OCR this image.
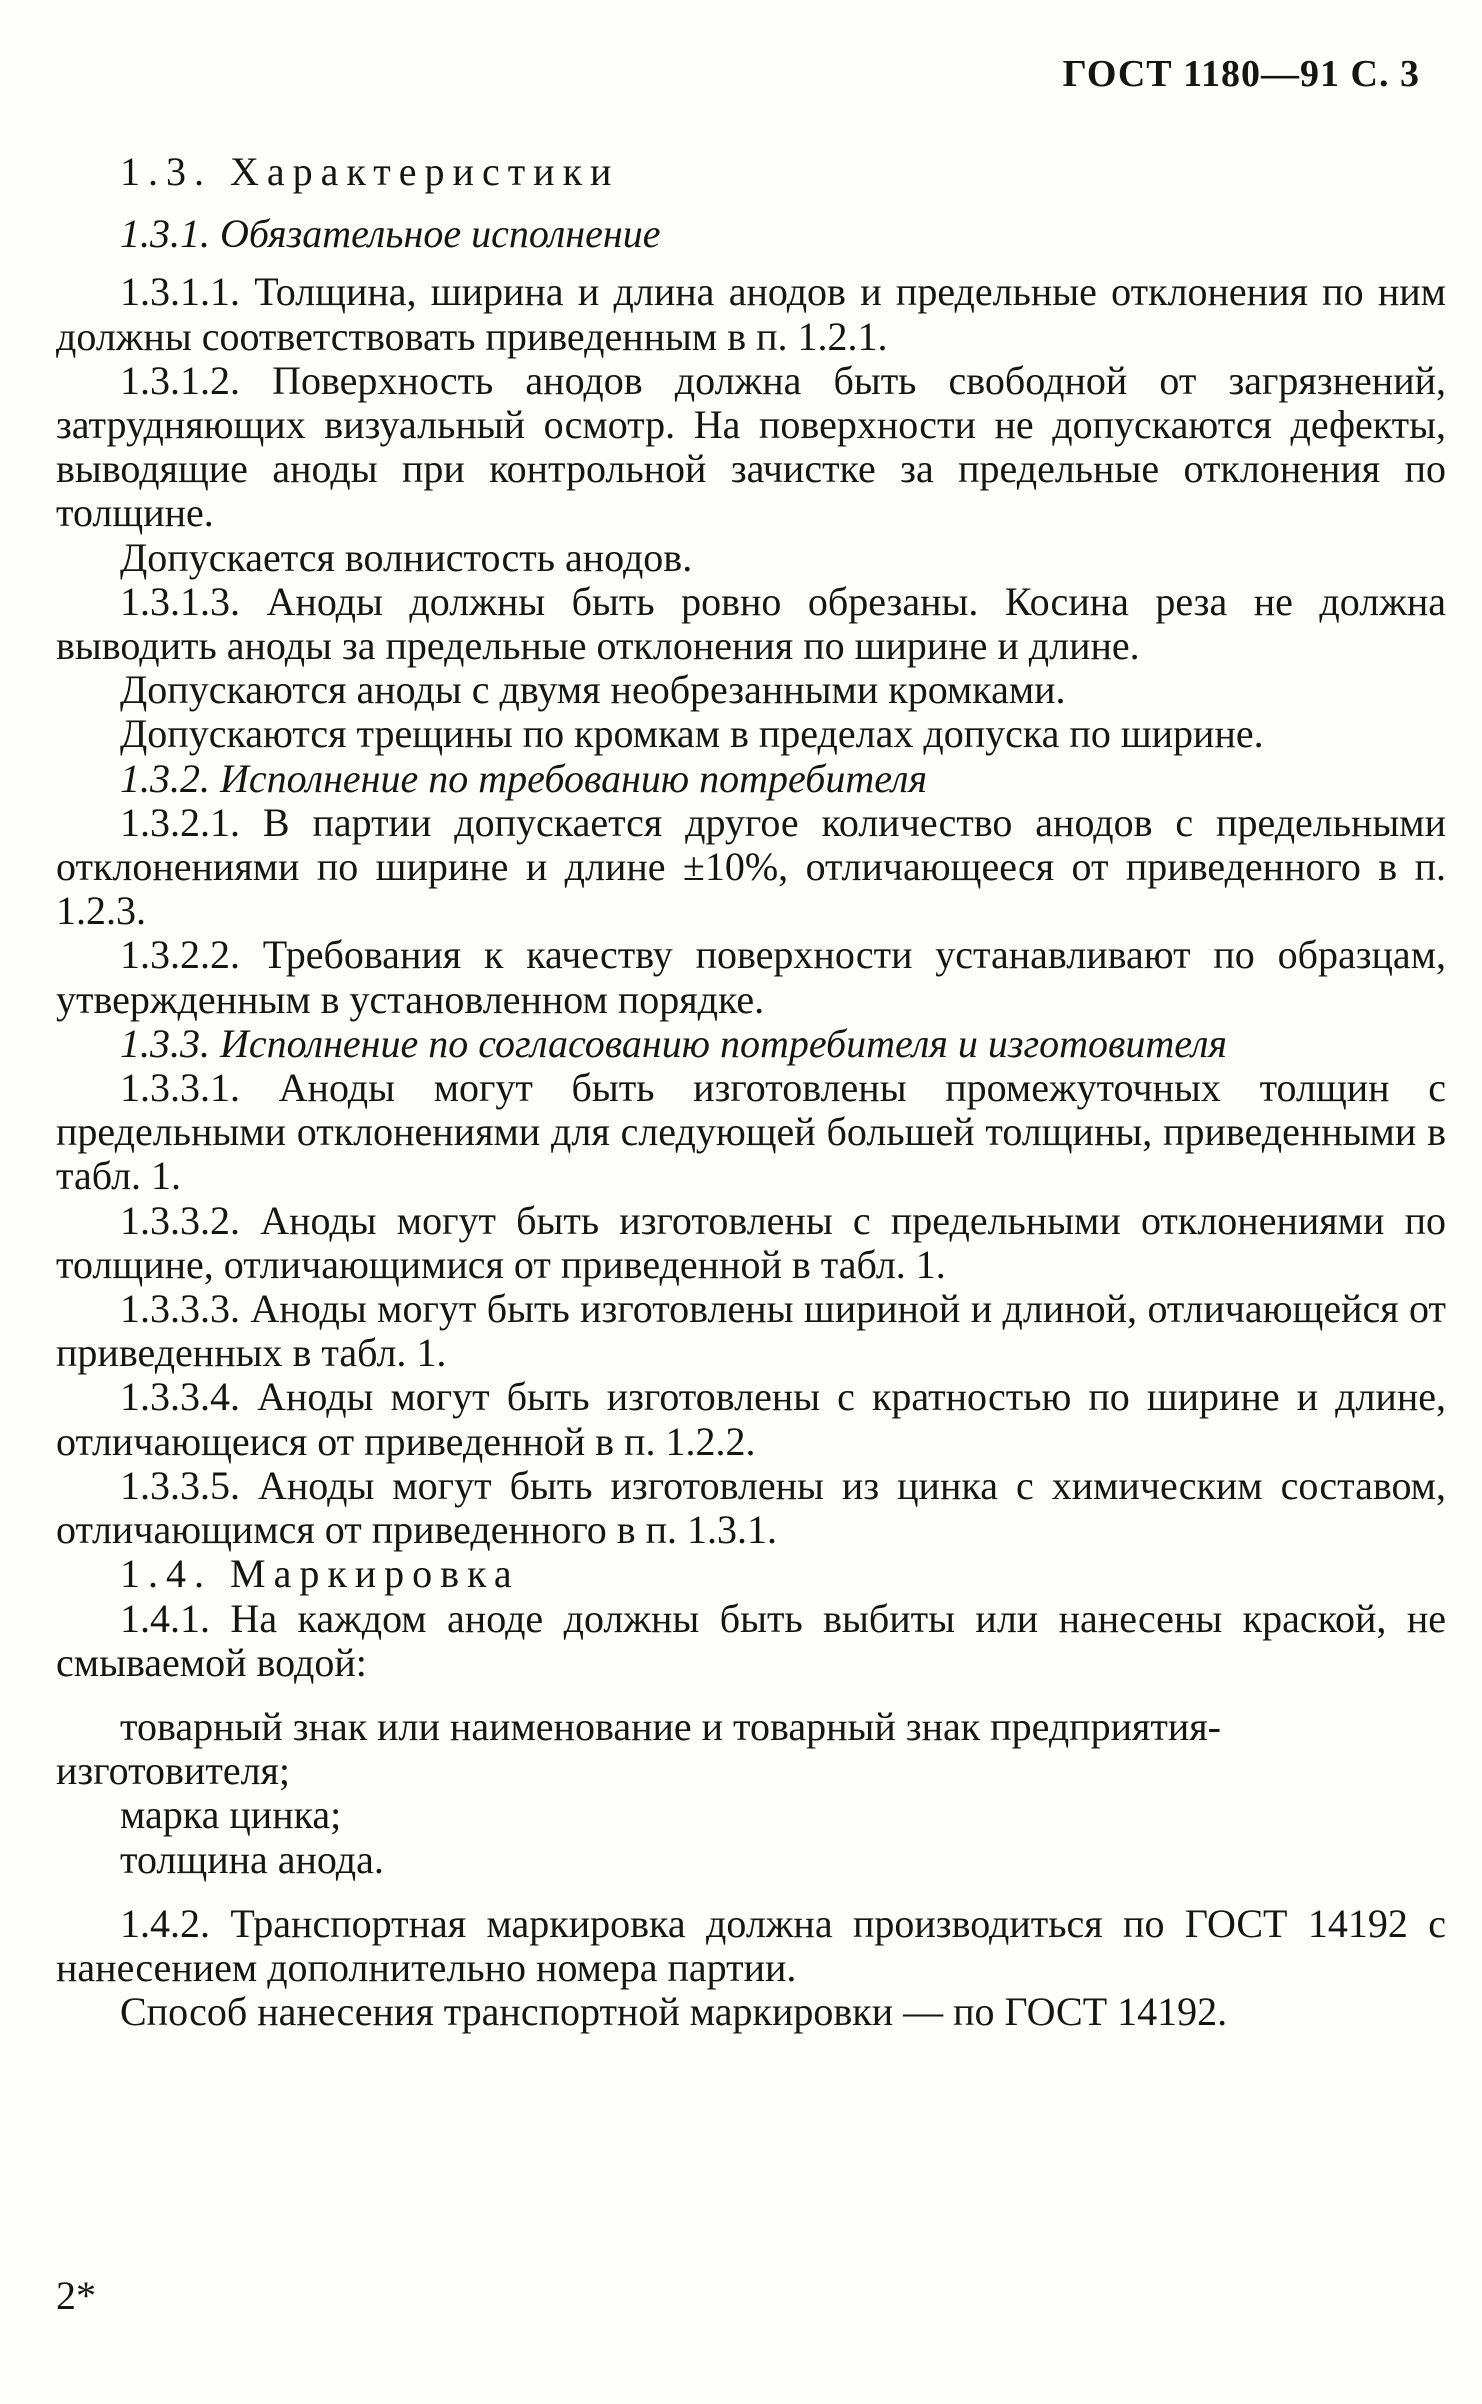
ГОСТ 1180—91 С. 3

1.3. Характеристики

1.3.1. Обязательное исполнение

1.3.1.1. Толщина, ширина и длина анодов и предельные отклонения по ним должны соответствовать приведенным в п. 1.2.1.

1.3.1.2. Поверхность анодов должна быть свободной от загрязнений, затрудняющих визуальный осмотр. На поверхности не допускаются дефекты, выводящие аноды при контрольной зачистке за предельные отклонения по толщине.

Допускается волнистость анодов.

1.3.1.3. Аноды должны быть ровно обрезаны. Косина реза не должна выводить аноды за предельные отклонения по ширине и длине.

Допускаются аноды с двумя необрезанными кромками.

Допускаются трещины по кромкам в пределах допуска по ширине.

1.3.2. Исполнение по требованию потребителя

1.3.2.1. В партии допускается другое количество анодов с предельными отклонениями по ширине и длине ±10%, отличающееся от приведенного в п. 1.2.3.

1.3.2.2. Требования к качеству поверхности устанавливают по образцам, утвержденным в установленном порядке.

1.3.3. Исполнение по согласованию потребителя и изготовителя

1.3.3.1. Аноды могут быть изготовлены промежуточных толщин с предельными отклонениями для следующей большей толщины, приведенными в табл. 1.

1.3.3.2. Аноды могут быть изготовлены с предельными отклонениями по толщине, отличающимися от приведенной в табл. 1.

1.3.3.3. Аноды могут быть изготовлены шириной и длиной, отличающейся от приведенных в табл. 1.

1.3.3.4. Аноды могут быть изготовлены с кратностью по ширине и длине, отличающеися от приведенной в п. 1.2.2.

1.3.3.5. Аноды могут быть изготовлены из цинка с химическим составом, отличающимся от приведенного в п. 1.3.1.

1.4. Маркировка

1.4.1. На каждом аноде должны быть выбиты или нанесены краской, не смываемой водой:

товарный знак или наименование и товарный знак предприятия-изготовителя;

марка цинка;

толщина анода.

1.4.2. Транспортная маркировка должна производиться по ГОСТ 14192 с нанесением дополнительно номера партии.

Способ нанесения транспортной маркировки — по ГОСТ 14192.

2*
